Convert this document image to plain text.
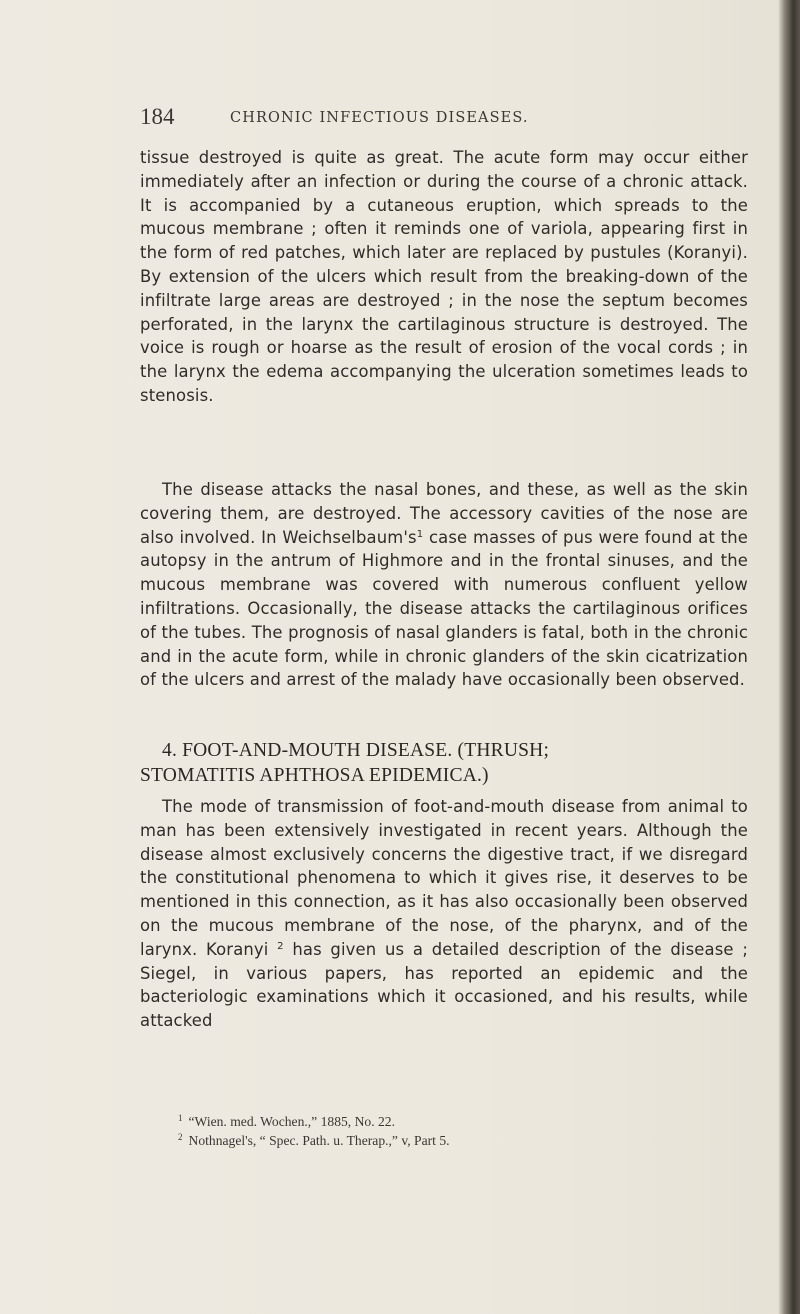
184	CHRONIC INFECTIOUS DISEASES.
tissue destroyed is quite as great. The acute form may occur either immediately after an infection or during the course of a chronic attack. It is accompanied by a cutaneous eruption, which spreads to the mucous membrane ; often it reminds one of variola, appearing first in the form of red patches, which later are replaced by pustules (Koranyi). By extension of the ulcers which result from the breaking-down of the infiltrate large areas are destroyed ; in the nose the septum becomes perforated, in the larynx the cartilaginous structure is destroyed. The voice is rough or hoarse as the result of erosion of the vocal cords ; in the larynx the edema accompanying the ulceration sometimes leads to stenosis.
The disease attacks the nasal bones, and these, as well as the skin covering them, are destroyed. The accessory cavities of the nose are also involved. In $Weichselbaum's^1$ case masses of pus were found at the autopsy in the antrum of Highmore and in the frontal sinuses, and the mucous membrane was covered with numerous confluent yellow infiltrations. Occasionally, the disease attacks the cartilaginous orifices of the tubes. The prognosis of nasal glanders is fatal, both in the chronic and in the acute form, while in chronic glanders of the skin cicatrization of the ulcers and arrest of the malady have occasionally been observed.
4. FOOT-AND-MOUTH DISEASE. (THRUSH;
STOMATITIS APHTHOSA EPIDEMICA.)
The mode of transmission of foot-and-mouth disease from animal to man has been extensively investigated in recent years. Although the disease almost exclusively concerns the digestive tract, if we disregard the constitutional phenomena to which it gives rise, it deserves to be mentioned in this connection, as it has also occasionally been observed on the mucous membrane of the nose, of the pharynx, and of the larynx. Koranyi $^2$ has given us a detailed description of the disease ; Siegel, in various papers, has reported an epidemic and the bacteriologic examinations which it occasioned, and his results, while attacked
$^1$ “Wien. med. Wochen.,” 1885, No. 22.
$^2$ Nothnagel's, “ Spec. Path. u. Therap.,” v, Part 5.
